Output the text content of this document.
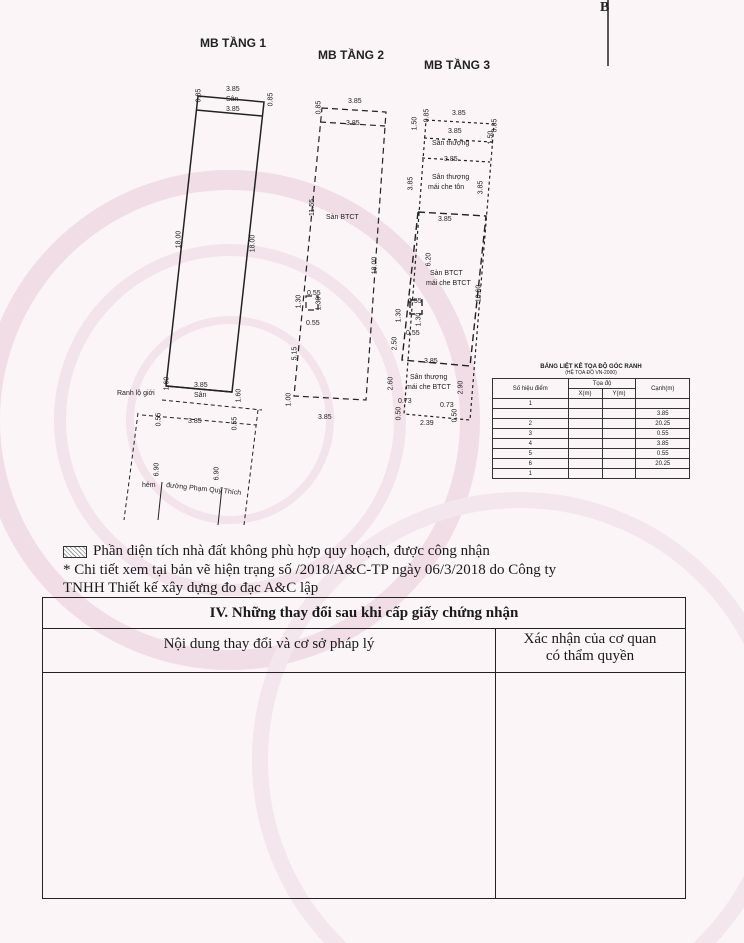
MB TẦNG 1
MB TẦNG 2
MB TẦNG 3
3.85
0.85	Sân
3.85
0.85
18.00	18.00
3.85
1.60
Sân	1.60
3.85
0.55	0.55
6.90	6.90
Ranh lộ giới
hẻm đường Phạm Quý Thích
3.85
0.85
3.85
11.55
Sàn BTCT
18.00
1.30
0.55
1.30
0.55
5.15
1.00
3.85
3.85
1.50
0.85
3.85
Sân thượng	1.50
0.85
3.85
Sân thượng
mái che tôn
3.85	3.85
3.85
6.20
Sàn BTCT
mái che BTCT
10.60
1.30
0.55
1.30
0.55
2.50
3.85
2.60 Sân thượng
mái che BTCT 2.90
0.73
0.73
0.50
2.39
0.50
BẢNG LIỆT KÊ TỌA ĐỘ GÓC RANH
(HỆ TỌA ĐỘ VN-2000)
Số hiệu điểm	Tọa độ		Cạnh(m)
	X(m)	Y(m)	
1			
			3.85
2			20.25
3			0.55
4			3.85
5			0.55
6			20.25
1			
Phần diện tích nhà đất không phù hợp quy hoạch, được công nhận
* Chi tiết xem tại bản vẽ hiện trạng số /2018/A&C-TP ngày 06/3/2018 do Công ty
TNHH Thiết kế xây dựng đo đạc A&C lập
IV. Những thay đổi sau khi cấp giấy chứng nhận
Nội dung thay đổi và cơ sở pháp lý	Xác nhận của cơ quan
có thẩm quyền
B
